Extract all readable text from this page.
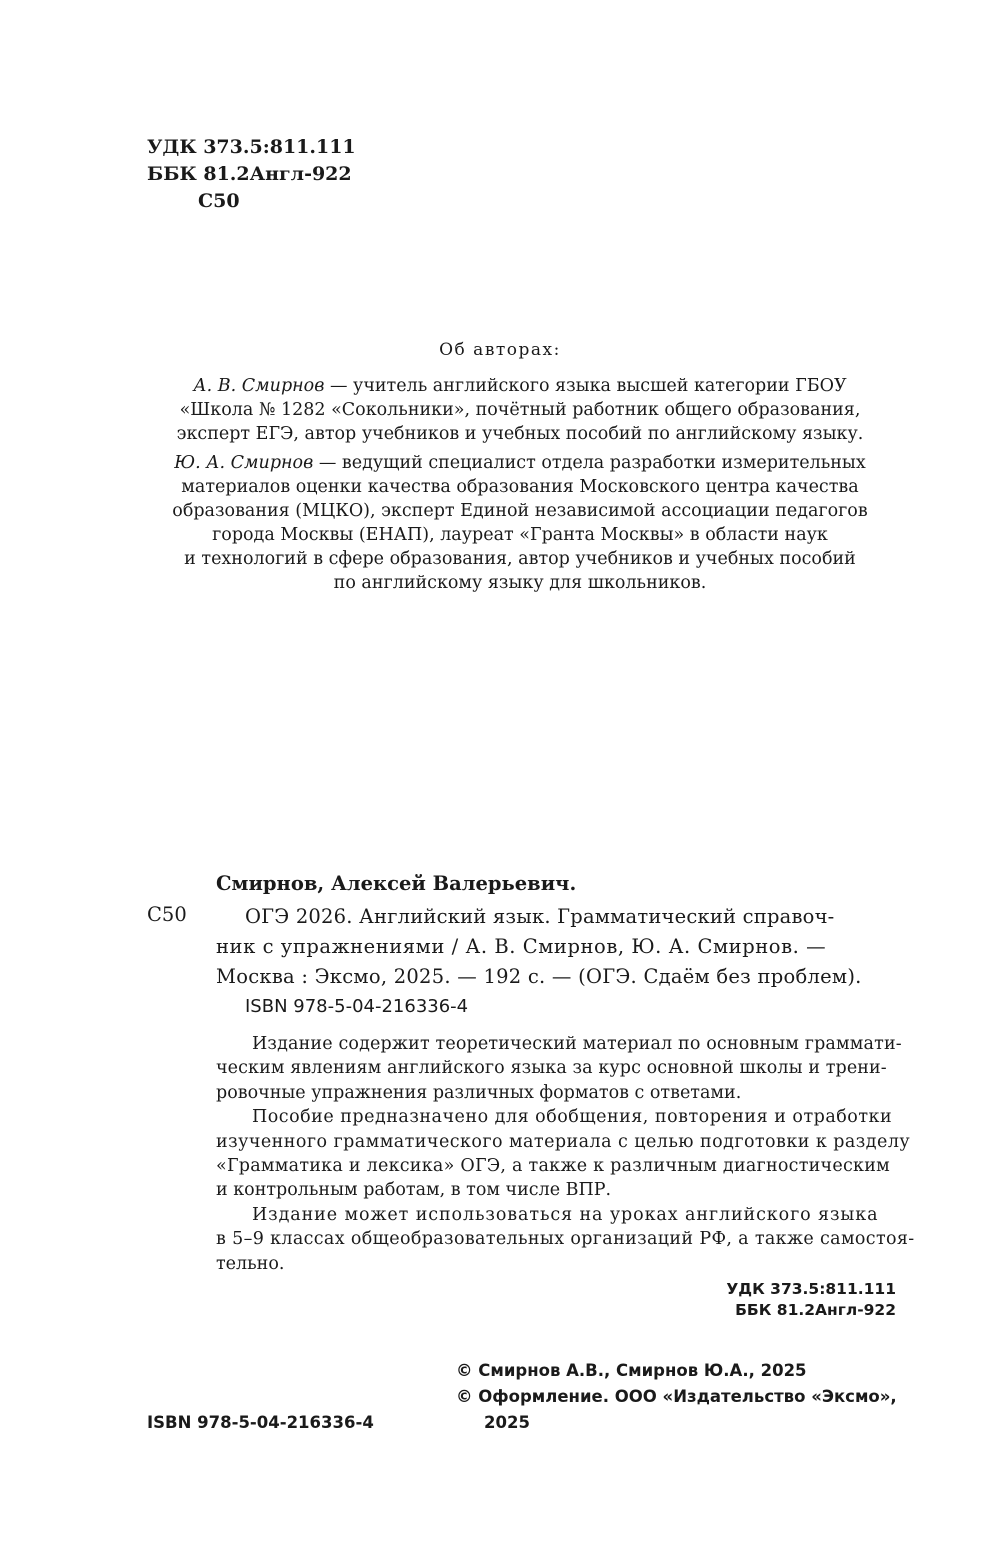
УДК 373.5:811.111
ББК 81.2Англ-922
С50
Об авторах:
А. В. Смирнов — учитель английского языка высшей категории ГБОУ
«Школа № 1282 «Сокольники», почётный работник общего образования,
эксперт ЕГЭ, автор учебников и учебных пособий по английскому языку.
Ю. А. Смирнов — ведущий специалист отдела разработки измерительных
материалов оценки качества образования Московского центра качества
образования (МЦКО), эксперт Единой независимой ассоциации педагогов
города Москвы (ЕНАП), лауреат «Гранта Москвы» в области наук
и технологий в сфере образования, автор учебников и учебных пособий
по английскому языку для школьников.
Смирнов, Алексей Валерьевич.
С50	ОГЭ 2026. Английский язык. Грамматический справоч-
ник с упражнениями / А. В. Смирнов, Ю. А. Смирнов. —
Москва : Эксмо, 2025. — 192 с. — (ОГЭ. Сдаём без проблем).
ISBN 978-5-04-216336-4
Издание содержит теоретический материал по основным граммати-
ческим явлениям английского языка за курс основной школы и трени-
ровочные упражнения различных форматов с ответами.
Пособие предназначено для обобщения, повторения и отработки
изученного грамматического материала с целью подготовки к разделу
«Грамматика и лексика» ОГЭ, а также к различным диагностическим
и контрольным работам, в том числе ВПР.
Издание может использоваться на уроках английского языка
в 5–9 классах общеобразовательных организаций РФ, а также самостоя-
тельно.
УДК 373.5:811.111
ББК 81.2Англ-922
© Смирнов А.В., Смирнов Ю.А., 2025
© Оформление. ООО «Издательство «Эксмо»,
2025
ISBN 978-5-04-216336-4
